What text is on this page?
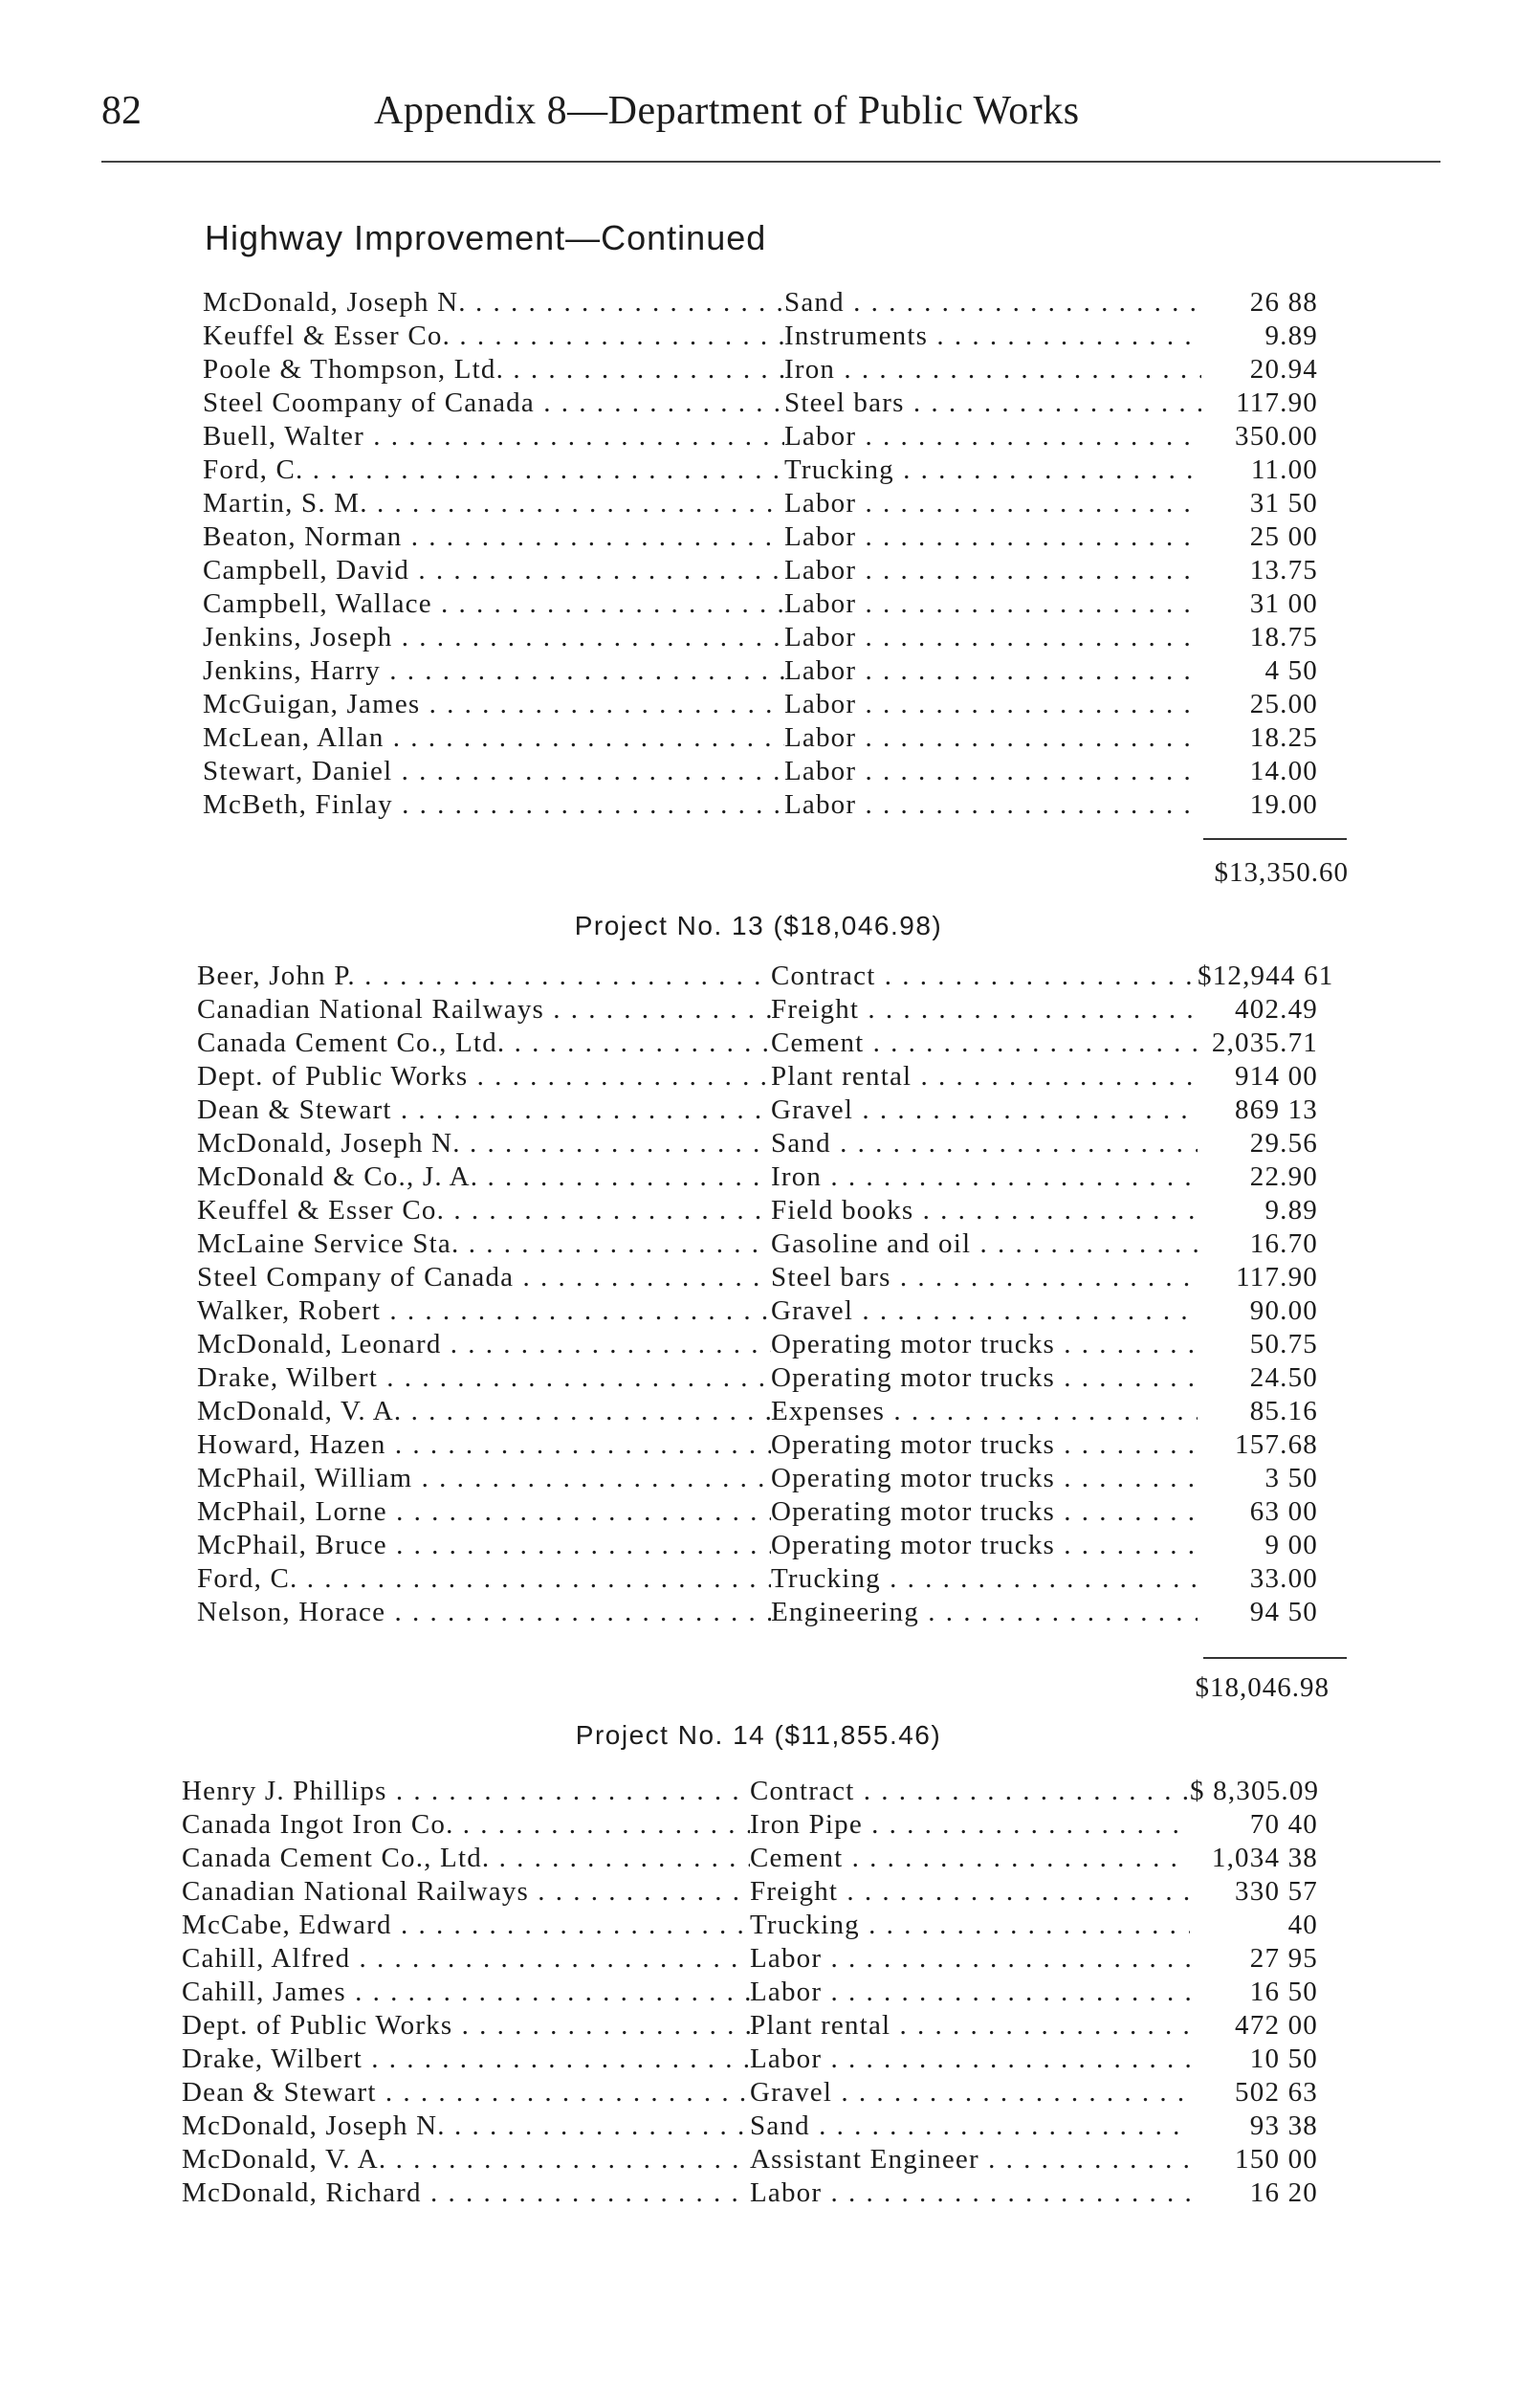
82	Appendix 8—Department of Public Works
Highway Improvement—Continued
McDonald, Joseph N. . . .	Sand . . .	26 88
Keuffel & Esser Co. . . .	Instruments . . .	9.89
Poole & Thompson, Ltd. . . .	Iron . . .	20.94
Steel Coompany of Canada . . .	Steel bars . . .	117.90
Buell, Walter . . .	Labor . . .	350.00
Ford, C. . . .	Trucking . . .	11.00
Martin, S. M. . . .	Labor . . .	31 50
Beaton, Norman . . .	Labor . . .	25 00
Campbell, David . . .	Labor . . .	13.75
Campbell, Wallace . . .	Labor . . .	31 00
Jenkins, Joseph . . .	Labor . . .	18.75
Jenkins, Harry . . .	Labor . . .	4 50
McGuigan, James . . .	Labor . . .	25.00
McLean, Allan . . .	Labor . . .	18.25
Stewart, Daniel . . .	Labor . . .	14.00
McBeth, Finlay . . .	Labor . . .	19.00
$13,350.60
Project No. 13 ($18,046.98)
Beer, John P. . . .	Contract . . .	$12,944 61
Canadian National Railways . . .	Freight . . .	402.49
Canada Cement Co., Ltd. . . .	Cement . . .	2,035.71
Dept. of Public Works . . .	Plant rental . . .	914 00
Dean & Stewart . . .	Gravel . . .	869 13
McDonald, Joseph N. . . .	Sand . . .	29.56
McDonald & Co., J. A. . . .	Iron . . .	22.90
Keuffel & Esser Co. . . .	Field books . . .	9.89
McLaine Service Sta. . . .	Gasoline and oil . . .	16.70
Steel Company of Canada . . .	Steel bars . . .	117.90
Walker, Robert . . .	Gravel . . .	90.00
McDonald, Leonard . . .	Operating motor trucks . . .	50.75
Drake, Wilbert . . .	Operating motor trucks . . .	24.50
McDonald, V. A. . . .	Expenses . . .	85.16
Howard, Hazen . . .	Operating motor trucks . . .	157.68
McPhail, William . . .	Operating motor trucks . . .	3 50
McPhail, Lorne . . .	Operating motor trucks . . .	63 00
McPhail, Bruce . . .	Operating motor trucks . . .	9 00
Ford, C. . . .	Trucking . . .	33.00
Nelson, Horace . . .	Engineering . . .	94 50
$18,046.98
Project No. 14 ($11,855.46)
Henry J. Phillips . . .	Contract . . .	$ 8,305.09
Canada Ingot Iron Co. . . .	Iron Pipe . . .	70 40
Canada Cement Co., Ltd. . . .	Cement . . .	1,034 38
Canadian National Railways . . .	Freight . . .	330 57
McCabe, Edward . . .	Trucking . . .	40
Cahill, Alfred . . .	Labor . . .	27 95
Cahill, James . . .	Labor . . .	16 50
Dept. of Public Works . . .	Plant rental . . .	472 00
Drake, Wilbert . . .	Labor . . .	10 50
Dean & Stewart . . .	Gravel . . .	502 63
McDonald, Joseph N. . . .	Sand . . .	93 38
McDonald, V. A. . . .	Assistant Engineer . . .	150 00
McDonald, Richard . . .	Labor . . .	16 20
